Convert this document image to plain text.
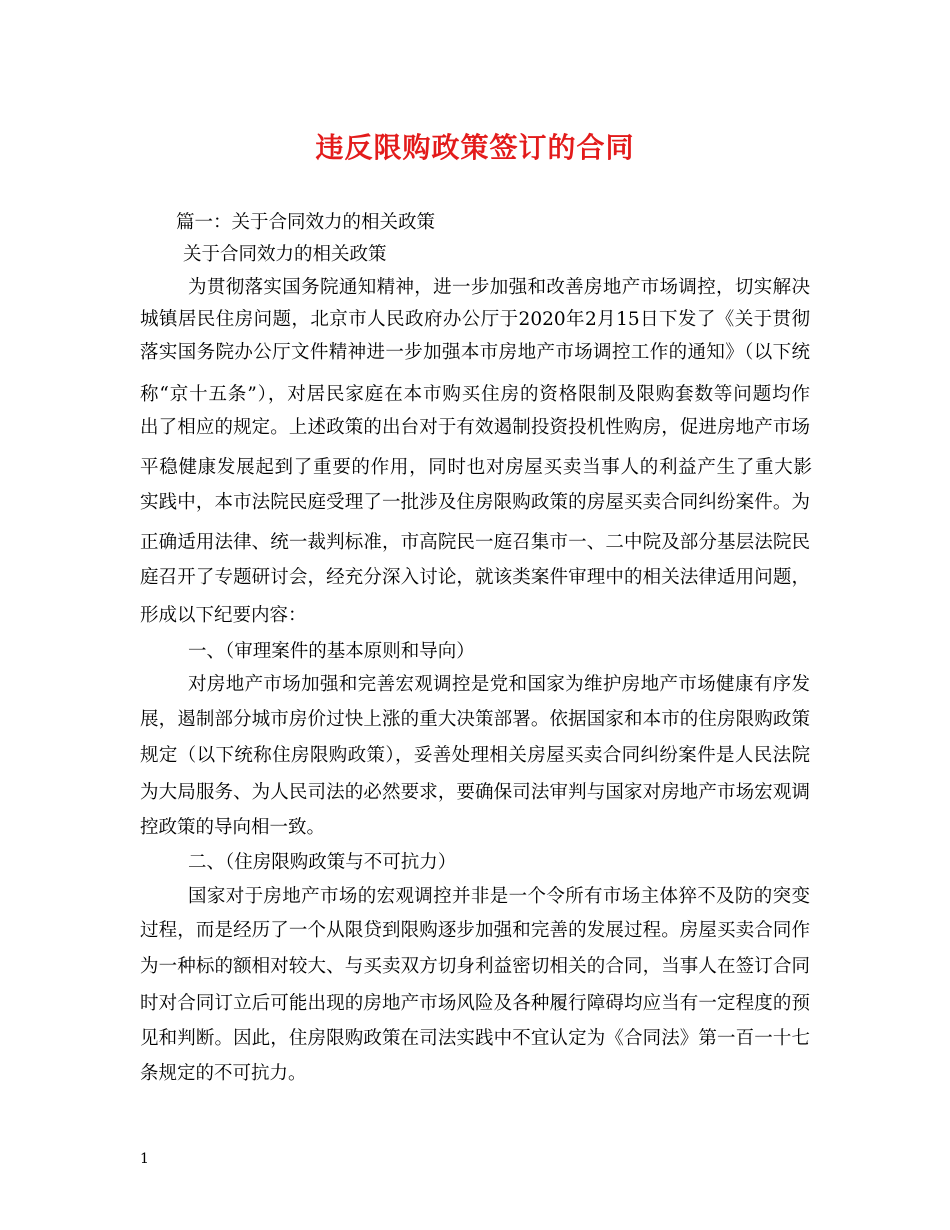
违反限购政策签订的合同
篇一：关于合同效力的相关政策
关于合同效力的相关政策
为贯彻落实国务院通知精神，进一步加强和改善房地产市场调控，切实解决
城镇居民住房问题，北京市人民政府办公厅于2020年2月15日下发了《关于贯彻
落实国务院办公厅文件精神进一步加强本市房地产市场调控工作的通知》（以下统
称“京十五条”），对居民家庭在本市购买住房的资格限制及限购套数等问题均作
出了相应的规定。上述政策的出台对于有效遏制投资投机性购房，促进房地产市场
平稳健康发展起到了重要的作用，同时也对房屋买卖当事人的利益产生了重大影
实践中，本市法院民庭受理了一批涉及住房限购政策的房屋买卖合同纠纷案件。为
正确适用法律、统一裁判标准，市高院民一庭召集市一、二中院及部分基层法院民
庭召开了专题研讨会，经充分深入讨论，就该类案件审理中的相关法律适用问题，
形成以下纪要内容：
一、（审理案件的基本原则和导向）
对房地产市场加强和完善宏观调控是党和国家为维护房地产市场健康有序发
展，遏制部分城市房价过快上涨的重大决策部署。依据国家和本市的住房限购政策
规定（以下统称住房限购政策），妥善处理相关房屋买卖合同纠纷案件是人民法院
为大局服务、为人民司法的必然要求，要确保司法审判与国家对房地产市场宏观调
控政策的导向相一致。
二、（住房限购政策与不可抗力）
国家对于房地产市场的宏观调控并非是一个令所有市场主体猝不及防的突变
过程，而是经历了一个从限贷到限购逐步加强和完善的发展过程。房屋买卖合同作
为一种标的额相对较大、与买卖双方切身利益密切相关的合同，当事人在签订合同
时对合同订立后可能出现的房地产市场风险及各种履行障碍均应当有一定程度的预
见和判断。因此，住房限购政策在司法实践中不宜认定为《合同法》第一百一十七
条规定的不可抗力。
1
